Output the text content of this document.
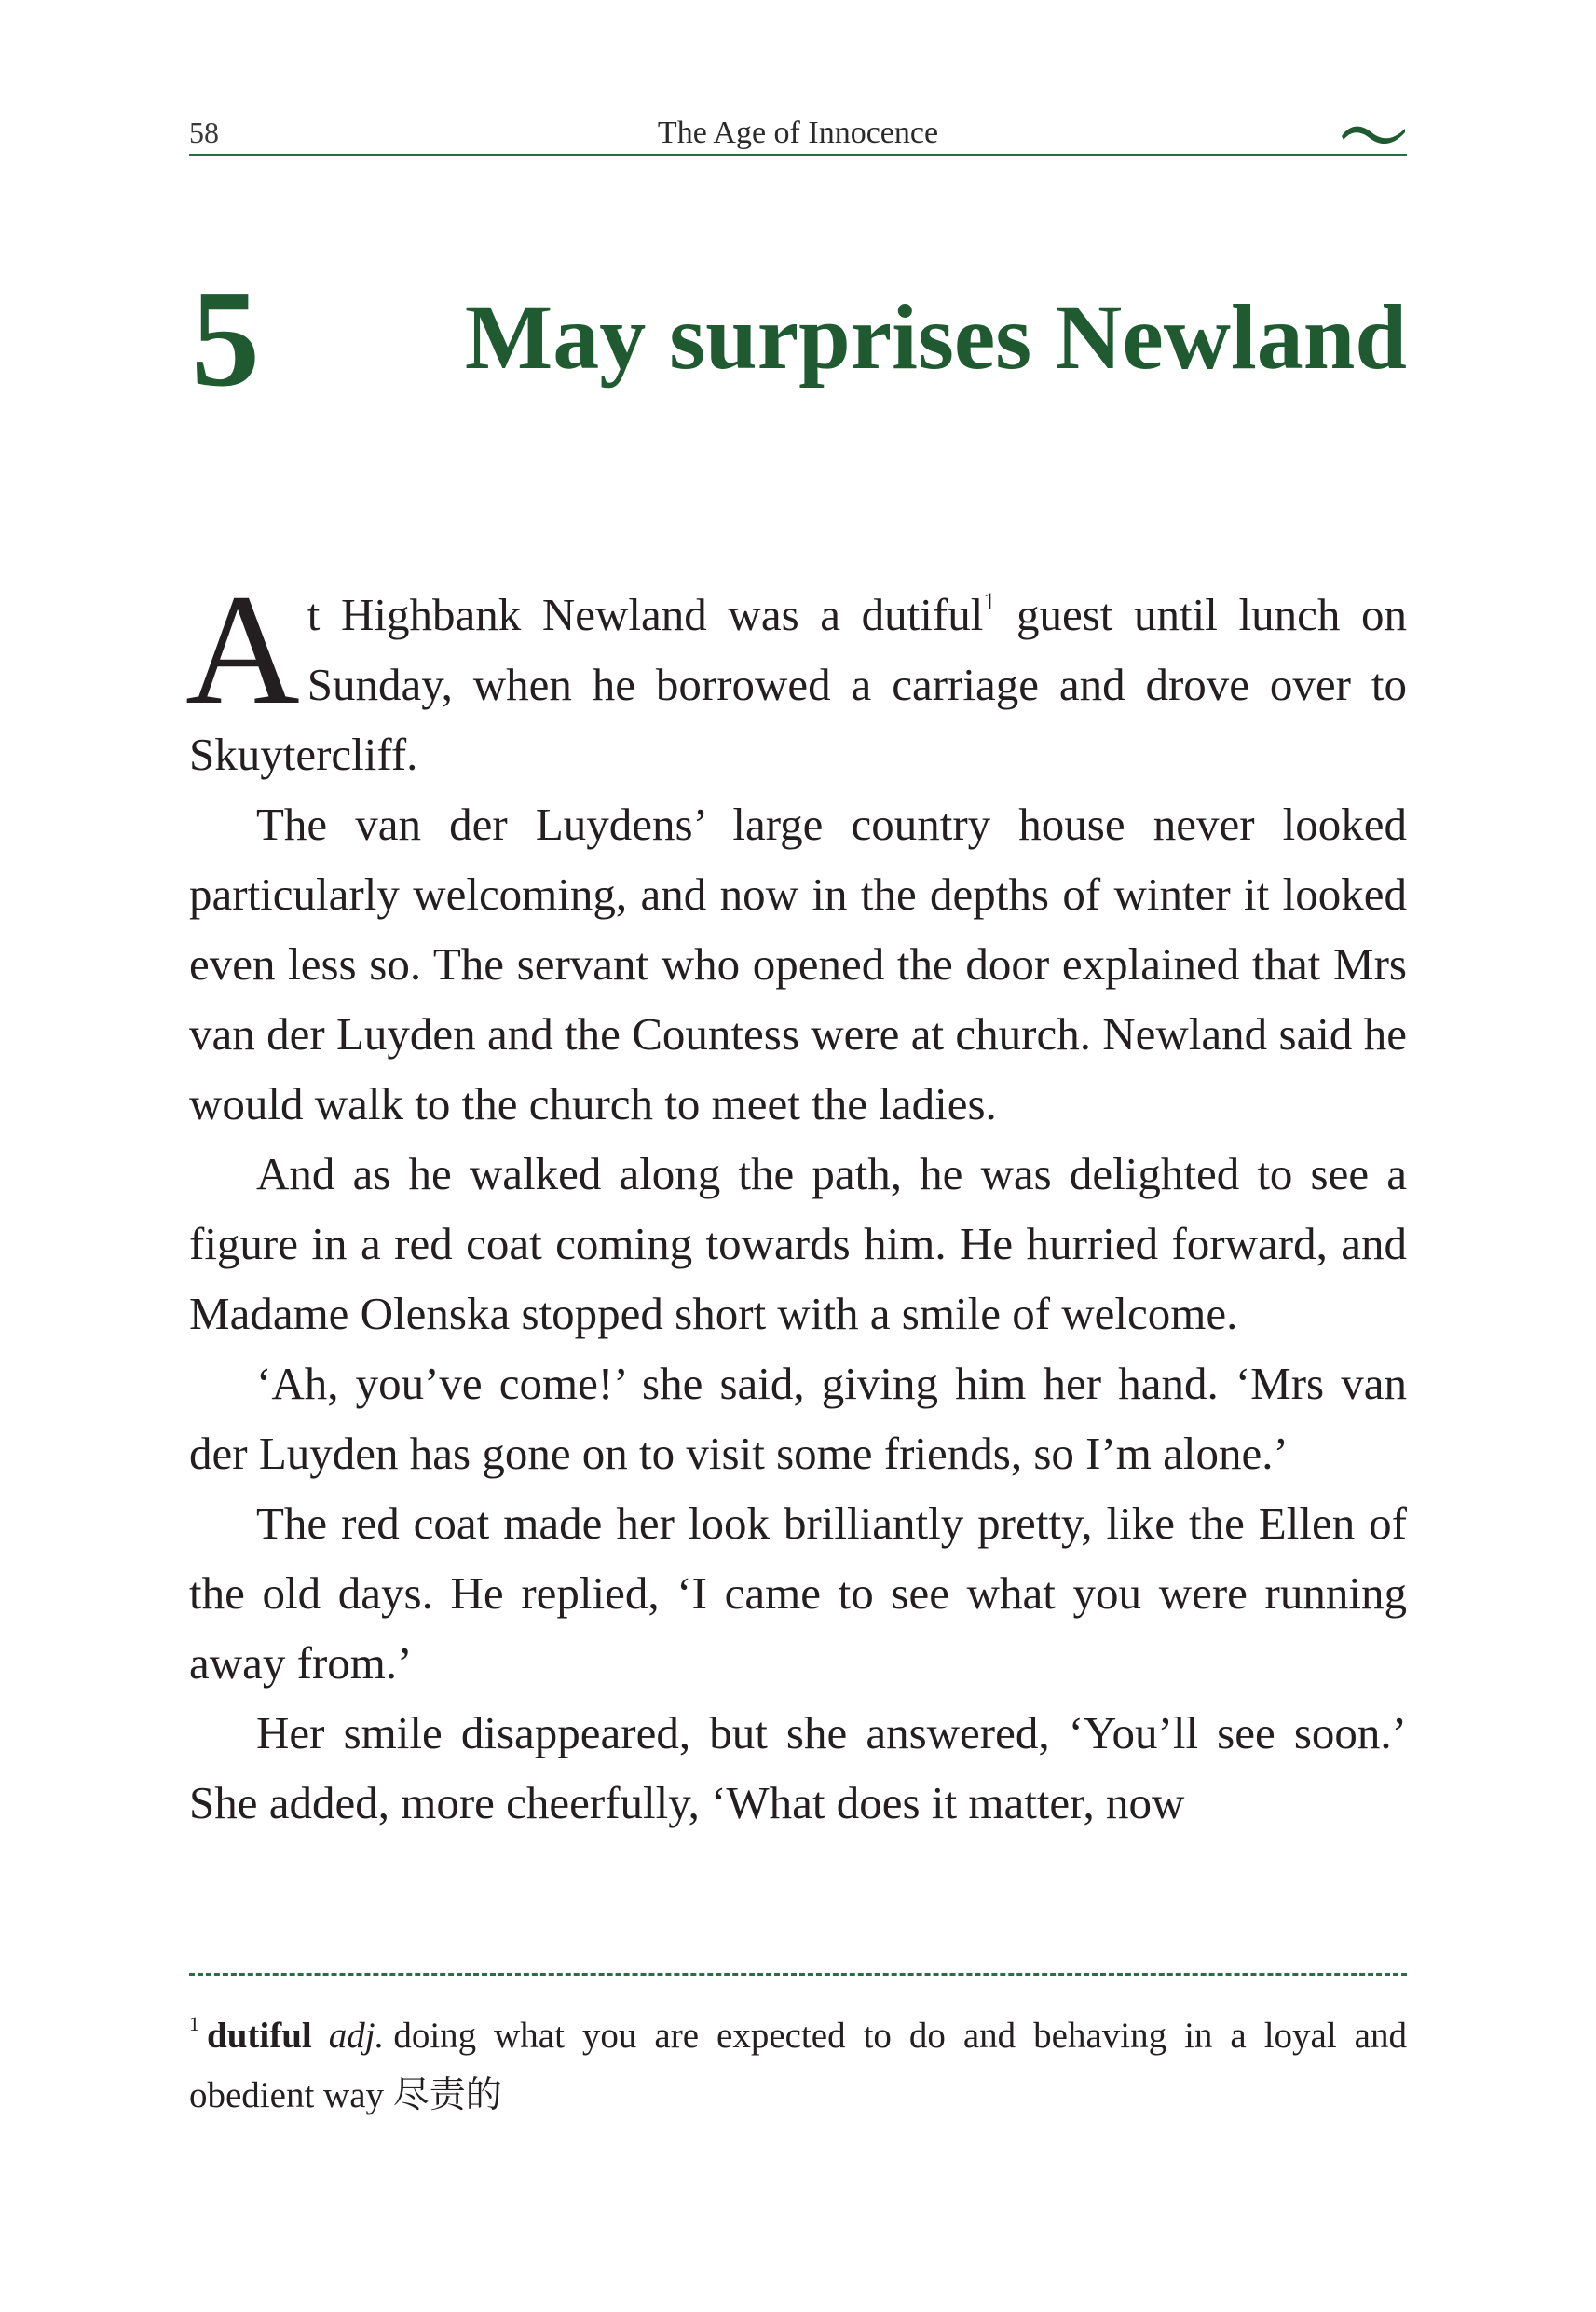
58	The Age of Innocence
5 May surprises Newland

At Highbank Newland was a dutiful$^1$ guest until lunch on Sunday, when he borrowed a carriage and drove over to Skuytercliff.

The van der Luydens’ large country house never looked particularly welcoming, and now in the depths of winter it looked even less so. The servant who opened the door explained that Mrs van der Luyden and the Countess were at church. Newland said he would walk to the church to meet the ladies.

And as he walked along the path, he was delighted to see a figure in a red coat coming towards him. He hurried forward, and Madame Olenska stopped short with a smile of welcome.

‘Ah, you’ve come!’ she said, giving him her hand. ‘Mrs van der Luyden has gone on to visit some friends, so I’m alone.’

The red coat made her look brilliantly pretty, like the Ellen of the old days. He replied, ‘I came to see what you were running away from.’

Her smile disappeared, but she answered, ‘You’ll see soon.’ She added, more cheerfully, ‘What does it matter, now

$^1$ dutiful adj. doing what you are expected to do and behaving in a loyal and obedient way 尽责的
